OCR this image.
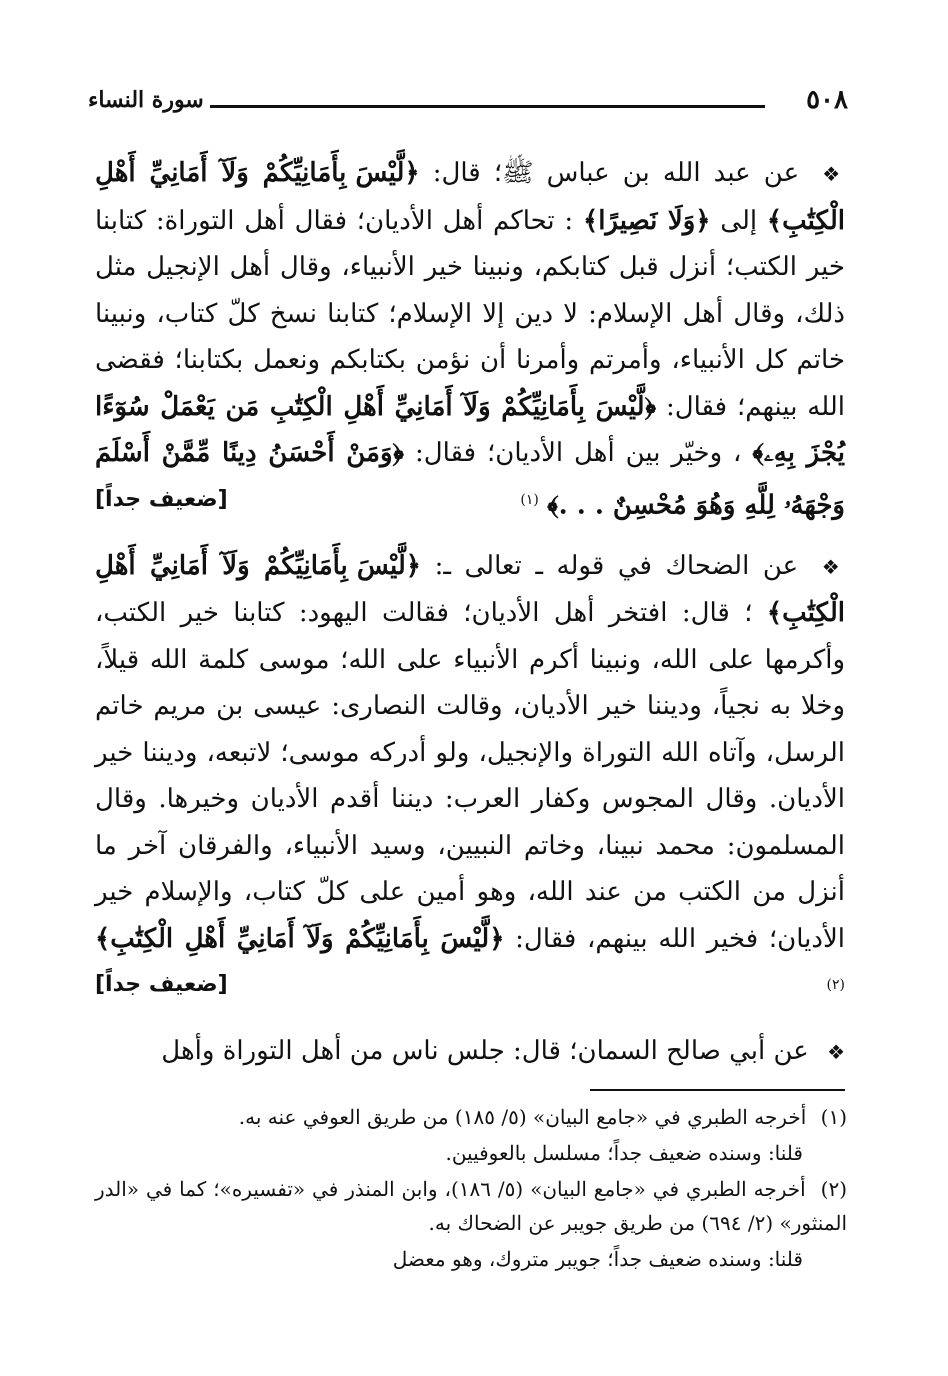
٥٠٨
سورة النساء
❖

عن عبد الله بن عباس ﷺ؛ قال:

﴿لَّيْسَ بِأَمَانِيِّكُمْ وَلَآ أَمَانِيِّ أَهْلِ الْكِتَٰبِ﴾

إلى

﴿وَلَا نَصِيرًا﴾

: تحاكم أهل الأديان؛ فقال أهل التوراة: كتابنا خير الكتب؛ أنزل قبل كتابكم، ونبينا خير الأنبياء، وقال أهل الإنجيل مثل ذلك، وقال أهل الإسلام: لا دين إلا الإسلام؛ كتابنا نسخ كلّ كتاب، ونبينا خاتم كل الأنبياء، وأمرتم وأمرنا أن نؤمن بكتابكم ونعمل بكتابنا؛ فقضى الله بينهم؛ فقال:

﴿لَّيْسَ بِأَمَانِيِّكُمْ وَلَآ أَمَانِيِّ أَهْلِ الْكِتَٰبِ مَن يَعْمَلْ سُوٓءًا يُجْزَ بِهِۦ﴾

، وخيّر بين أهل الأديان؛ فقال:

﴿وَمَنْ أَحْسَنُ دِينًا مِّمَّنْ أَسْلَمَ وَجْهَهُۥ لِلَّهِ وَهُوَ مُحْسِنٌ . . .﴾

$^{(١)}$
[ضعيف جداً]
❖

عن الضحاك في قوله ـ تعالى ـ:

﴿لَّيْسَ بِأَمَانِيِّكُمْ وَلَآ أَمَانِيِّ أَهْلِ الْكِتَٰبِ﴾

؛ قال: افتخر أهل الأديان؛ فقالت اليهود: كتابنا خير الكتب، وأكرمها على الله، ونبينا أكرم الأنبياء على الله؛ موسى كلمة الله قيلاً، وخلا به نجياً، وديننا خير الأديان، وقالت النصارى: عيسى بن مريم خاتم الرسل، وآتاه الله التوراة والإنجيل، ولو أدركه موسى؛ لاتبعه، وديننا خير الأديان. وقال المجوس وكفار العرب: ديننا أقدم الأديان وخيرها. وقال المسلمون: محمد نبينا، وخاتم النبيين، وسيد الأنبياء، والفرقان آخر ما أنزل من الكتب من عند الله، وهو أمين على كلّ كتاب، والإسلام خير الأديان؛ فخير الله بينهم، فقال:

﴿لَّيْسَ بِأَمَانِيِّكُمْ وَلَآ أَمَانِيِّ أَهْلِ الْكِتَٰبِ﴾

$^{(٢)}$
[ضعيف جداً]
❖

عن أبي صالح السمان؛ قال: جلس ناس من أهل التوراة وأهل

(١) أخرجه الطبري في «جامع البيان» (٥/ ١٨٥) من طريق العوفي عنه به.
قلنا: وسنده ضعيف جداً؛ مسلسل بالعوفيين.
(٢) أخرجه الطبري في «جامع البيان» (٥/ ١٨٦)، وابن المنذر في «تفسيره»؛ كما في «الدر المنثور» (٢/ ٦٩٤) من طريق جويبر عن الضحاك به.
قلنا: وسنده ضعيف جداً؛ جويبر متروك، وهو معضل
